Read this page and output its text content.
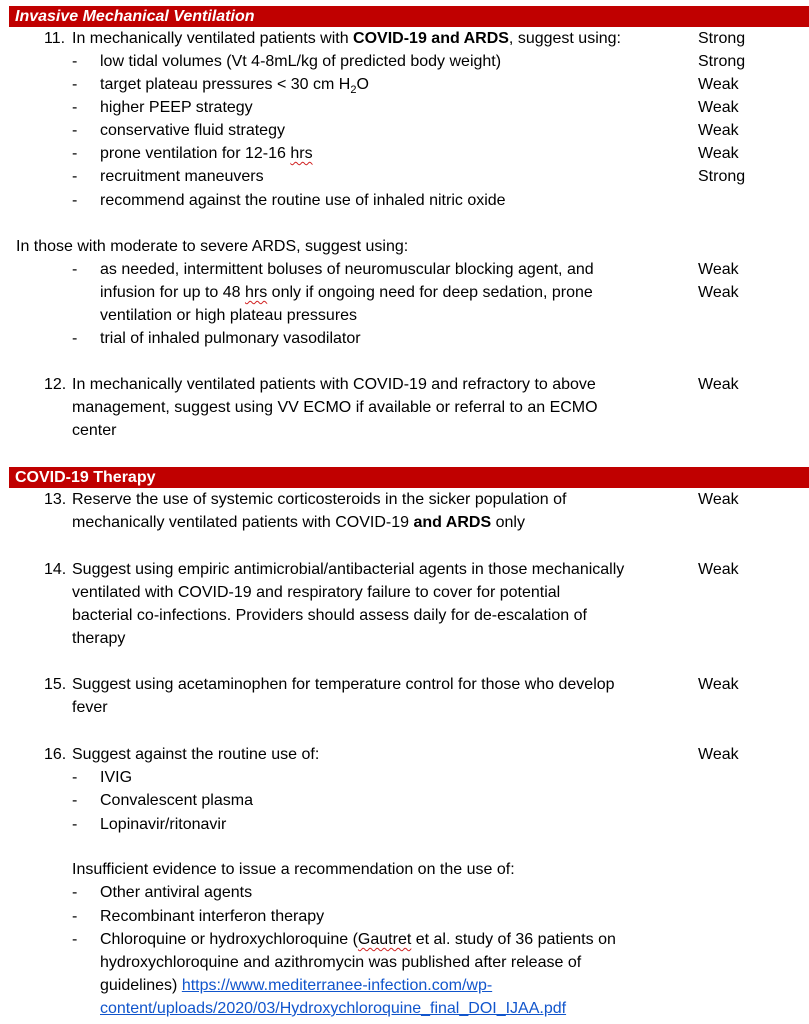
Invasive Mechanical Ventilation
11. In mechanically ventilated patients with COVID-19 and ARDS, suggest using:	Strong
- low tidal volumes (Vt 4-8mL/kg of predicted body weight)	Strong
- target plateau pressures < 30 cm $H_2O$	Weak
- higher PEEP strategy	Weak
- conservative fluid strategy	Weak
- prone ventilation for 12-16 hrs	Weak
- recruitment maneuvers	Strong
- recommend against the routine use of inhaled nitric oxide
In those with moderate to severe ARDS, suggest using:
- as needed, intermittent boluses of neuromuscular blocking agent, and	Weak
infusion for up to 48 hrs only if ongoing need for deep sedation, prone	Weak
ventilation or high plateau pressures
- trial of inhaled pulmonary vasodilator
12. In mechanically ventilated patients with COVID-19 and refractory to above	Weak
management, suggest using VV ECMO if available or referral to an ECMO
center
COVID-19 Therapy
13. Reserve the use of systemic corticosteroids in the sicker population of	Weak
mechanically ventilated patients with COVID-19 and ARDS only
14. Suggest using empiric antimicrobial/antibacterial agents in those mechanically	Weak
ventilated with COVID-19 and respiratory failure to cover for potential
bacterial co-infections. Providers should assess daily for de-escalation of
therapy
15. Suggest using acetaminophen for temperature control for those who develop	Weak
fever
16. Suggest against the routine use of:	Weak
- IVIG
- Convalescent plasma
- Lopinavir/ritonavir
Insufficient evidence to issue a recommendation on the use of:
- Other antiviral agents
- Recombinant interferon therapy
- Chloroquine or hydroxychloroquine (Gautret et al. study of 36 patients on
hydroxychloroquine and azithromycin was published after release of
guidelines) https://www.mediterranee-infection.com/wp-
content/uploads/2020/03/Hydroxychloroquine_final_DOI_IJAA.pdf
